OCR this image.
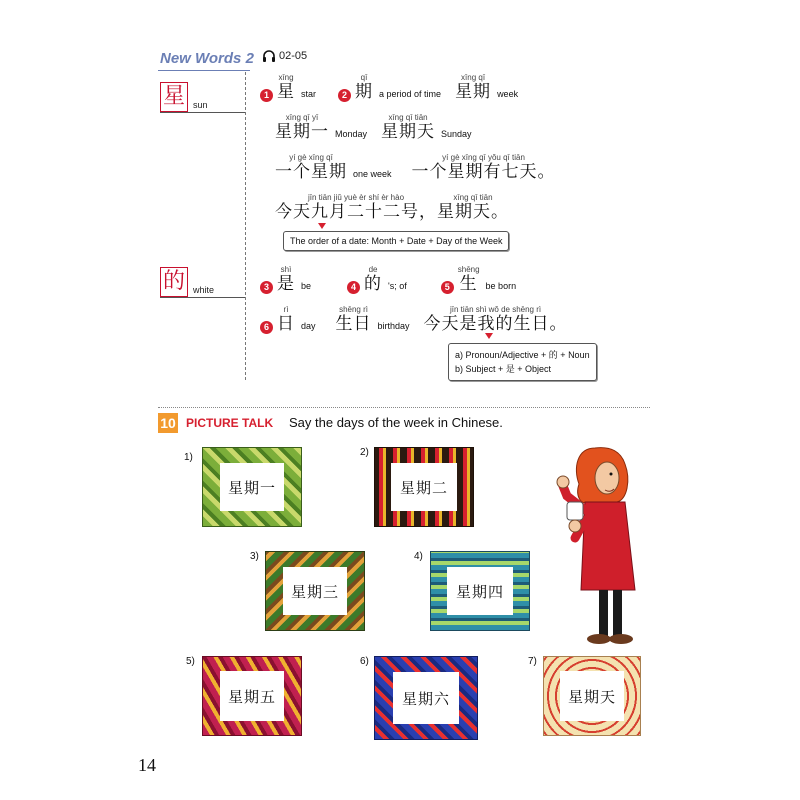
New Words 2 02-05
星 sun
的 white
1
xīng
星 star	2
qī
期 a period of time
xīng qī
星期 week
xīng qī yī
星期一 Monday
xīng qī tiān
星期天 Sunday
yí gè xīng qī
一个星期 one week
yí gè xīng qī yǒu qī tiān
一个星期有七天。
jīn tiān jiǔ yuè èr shí èr hào
今天九月二十二号，
xīng qī tiān
星期天。
The order of a date: Month + Date + Day of the Week
3
shì
是 be	4
de
的 's; of	5
shēng
生 be born
6
rì
日 day
shēng rì
生日 birthday
jīn tiān shì wǒ de shēng rì
今天是我的生日。
a) Pronoun/Adjective + 的 + Noun
b) Subject + 是 + Object
10 PICTURE TALK Say the days of the week in Chinese.
1)
星期一
2)
星期二
3)
星期三
4)
星期四
5)
星期五
6)
星期六
7)
星期天
14
